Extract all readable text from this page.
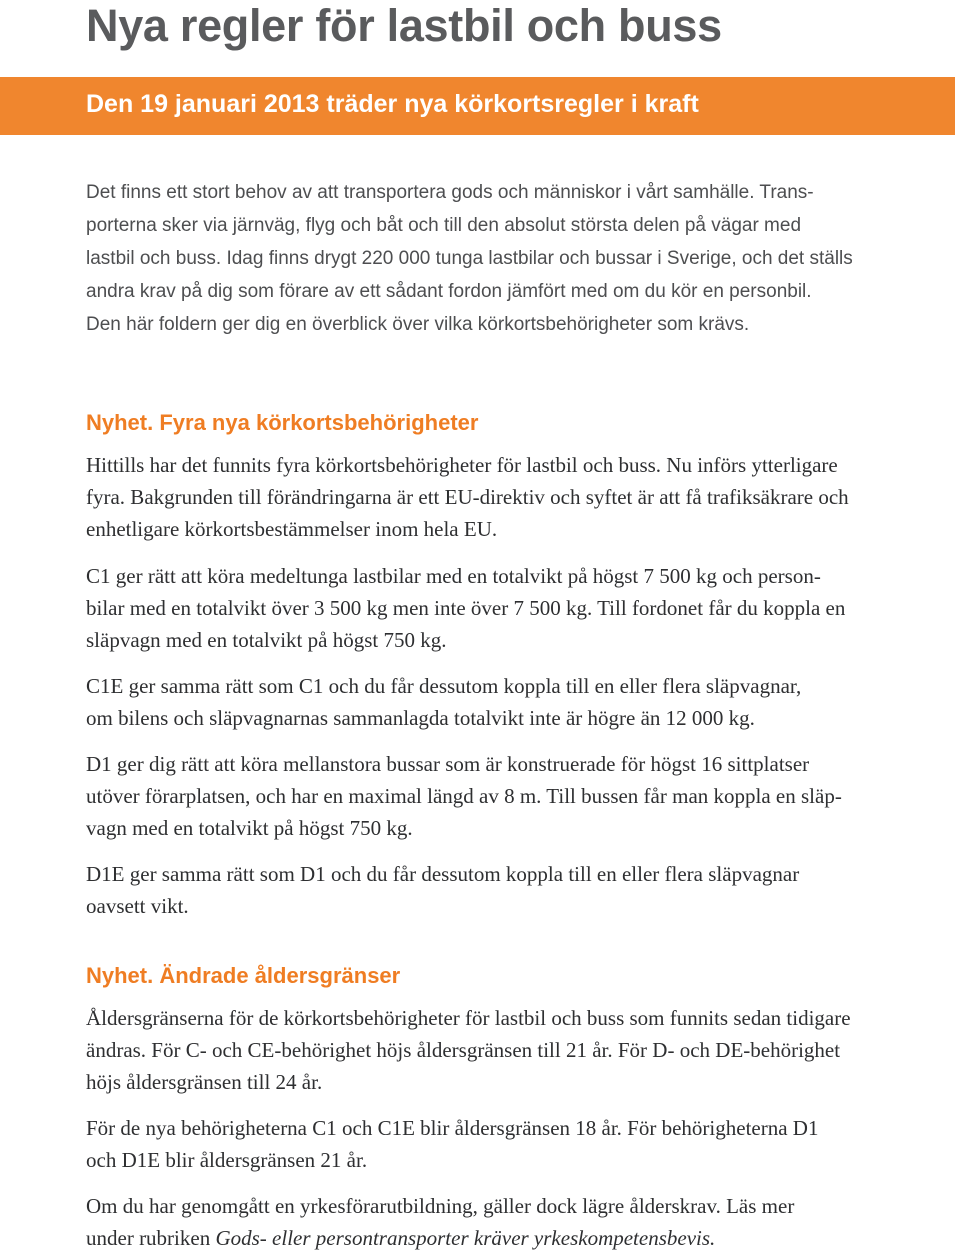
Nya regler för lastbil och buss
Den 19 januari 2013 träder nya körkortsregler i kraft
Det finns ett stort behov av att transportera gods och människor i vårt samhälle. Trans-
porterna sker via järnväg, flyg och båt och till den absolut största delen på vägar med
lastbil och buss. Idag finns drygt 220 000 tunga lastbilar och bussar i Sverige, och det ställs
andra krav på dig som förare av ett sådant fordon jämfört med om du kör en personbil.
Den här foldern ger dig en överblick över vilka körkortsbehörigheter som krävs.
Nyhet. Fyra nya körkortsbehörigheter
Hittills har det funnits fyra körkortsbehörigheter för lastbil och buss. Nu införs ytterligare
fyra. Bakgrunden till förändringarna är ett EU-direktiv och syftet är att få trafiksäkrare och
enhetligare körkortsbestämmelser inom hela EU.
C1 ger rätt att köra medeltunga lastbilar med en totalvikt på högst 7 500 kg och person-
bilar med en totalvikt över 3 500 kg men inte över 7 500 kg. Till fordonet får du koppla en
släpvagn med en totalvikt på högst 750 kg.
C1E ger samma rätt som C1 och du får dessutom koppla till en eller flera släpvagnar,
om bilens och släpvagnarnas sammanlagda totalvikt inte är högre än 12 000 kg.
D1 ger dig rätt att köra mellanstora bussar som är konstruerade för högst 16 sittplatser
utöver förarplatsen, och har en maximal längd av 8 m. Till bussen får man koppla en släp-
vagn med en totalvikt på högst 750 kg.
D1E ger samma rätt som D1 och du får dessutom koppla till en eller flera släpvagnar
oavsett vikt.
Nyhet. Ändrade åldersgränser
Åldersgränserna för de körkortsbehörigheter för lastbil och buss som funnits sedan tidigare
ändras. För C- och CE-behörighet höjs åldersgränsen till 21 år. För D- och DE-behörighet
höjs åldersgränsen till 24 år.
För de nya behörigheterna C1 och C1E blir åldersgränsen 18 år. För behörigheterna D1
och D1E blir åldersgränsen 21 år.
Om du har genomgått en yrkesförarutbildning, gäller dock lägre ålderskrav. Läs mer
under rubriken Gods- eller persontransporter kräver yrkeskompetensbevis.
